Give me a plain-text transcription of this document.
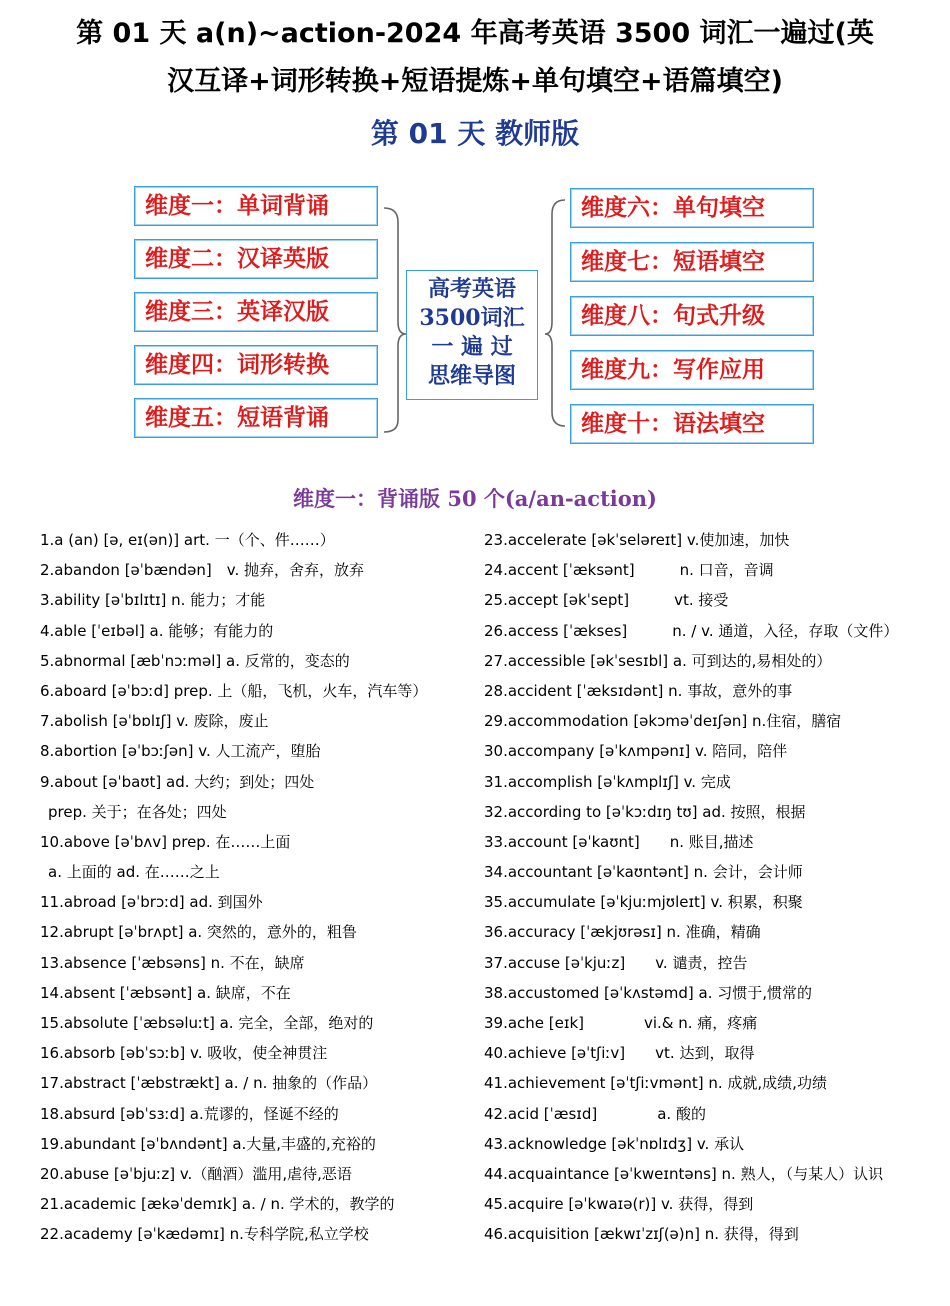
第 01 天 a(n)~action-2024 年高考英语 3500 词汇一遍过(英
汉互译+词形转换+短语提炼+单句填空+语篇填空)
第 01 天 教师版
维度一：单词背诵
维度二：汉译英版
维度三：英译汉版
维度四：词形转换
维度五：短语背诵
高考英语
3500词汇
一 遍 过
思维导图
维度六：单句填空
维度七：短语填空
维度八：句式升级
维度九：写作应用
维度十：语法填空
维度一：背诵版 50 个(a/an-action)
1.a (an) [ə, eɪ(ən)] art. 一（个、件……）
2.abandon [əˈbændən]　v. 抛弃，舍弃，放弃
3.ability [əˈbɪlɪtɪ] n. 能力；才能
4.able [ˈeɪbəl] a. 能够；有能力的
5.abnormal [æbˈnɔːməl] a. 反常的，变态的
6.aboard [əˈbɔːd] prep. 上（船，飞机，火车，汽车等）
7.abolish [əˈbɒlɪʃ] v. 废除，废止
8.abortion [əˈbɔːʃən] v. 人工流产，堕胎
9.about [əˈbaʊt] ad. 大约；到处；四处
prep. 关于；在各处；四处
10.above [əˈbʌv] prep. 在……上面
a. 上面的 ad. 在……之上
11.abroad [əˈbrɔːd] ad. 到国外
12.abrupt [əˈbrʌpt] a. 突然的，意外的，粗鲁
13.absence [ˈæbsəns] n. 不在，缺席
14.absent [ˈæbsənt] a. 缺席，不在
15.absolute [ˈæbsəluːt] a. 完全，全部，绝对的
16.absorb [əbˈsɔːb] v. 吸收，使全神贯注
17.abstract [ˈæbstrækt] a. / n. 抽象的（作品）
18.absurd [əbˈsɜːd] a.荒谬的，怪诞不经的
19.abundant [əˈbʌndənt] a.大量,丰盛的,充裕的
20.abuse [əˈbjuːz] v.（酗酒）滥用,虐待,恶语
21.academic [ækəˈdemɪk] a. / n. 学术的，教学的
22.academy [əˈkædəmɪ] n.专科学院,私立学校
23.accelerate [əkˈseləreɪt] v.使加速，加快
24.accent [ˈæksənt]　　　n. 口音，音调
25.accept [əkˈsept]　　　vt. 接受
26.access [ˈækses]　　　n. / v. 通道，入径，存取（文件）
27.accessible [əkˈsesɪbl] a. 可到达的,易相处的）
28.accident [ˈæksɪdənt] n. 事故，意外的事
29.accommodation [əkɔməˈdeɪʃən] n.住宿，膳宿
30.accompany [əˈkʌmpənɪ] v. 陪同，陪伴
31.accomplish [əˈkʌmplɪʃ] v. 完成
32.according to [əˈkɔːdɪŋ tʊ] ad. 按照，根据
33.account [əˈkaʊnt]　　n. 账目,描述
34.accountant [əˈkaʊntənt] n. 会计，会计师
35.accumulate [əˈkjuːmjʊleɪt] v. 积累，积聚
36.accuracy [ˈækjʊrəsɪ] n. 准确，精确
37.accuse [əˈkjuːz]　　v. 谴责，控告
38.accustomed [əˈkʌstəmd] a. 习惯于,惯常的
39.ache [eɪk]　　　　vi.& n. 痛，疼痛
40.achieve [əˈtʃiːv]　　vt. 达到，取得
41.achievement [əˈtʃiːvmənt] n. 成就,成绩,功绩
42.acid [ˈæsɪd]　　　　a. 酸的
43.acknowledge [əkˈnɒlɪdʒ] v. 承认
44.acquaintance [əˈkweɪntəns] n. 熟人，（与某人）认识
45.acquire [əˈkwaɪə(r)] v. 获得，得到
46.acquisition [ækwɪˈzɪʃ(ə)n] n. 获得，得到
